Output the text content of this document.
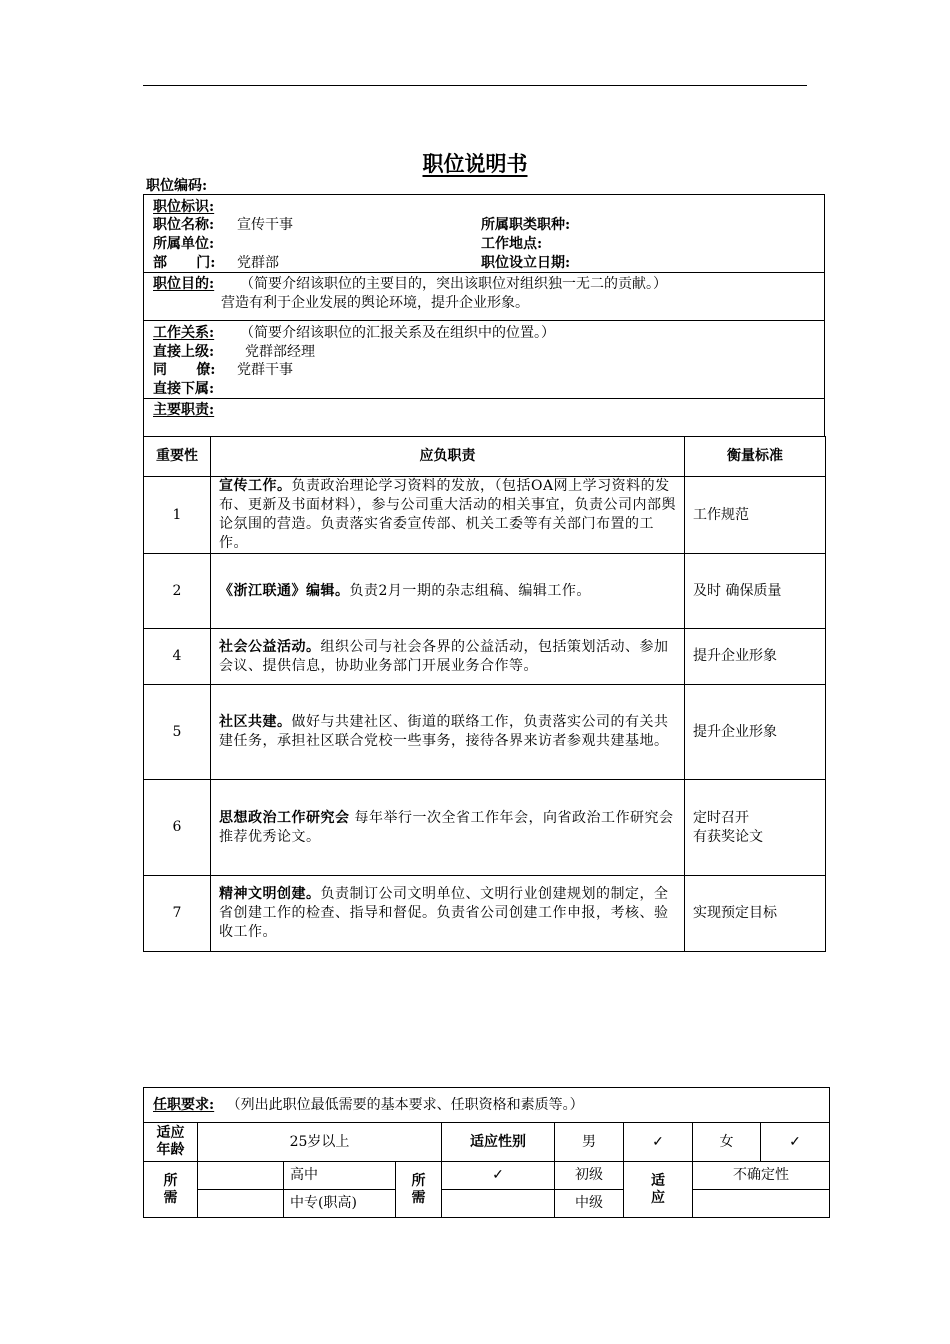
职位说明书
职位编码:
职位标识:
职位名称: 宣传干事	所属职类职种:
所属单位:	工作地点:
部      门: 党群部	职位设立日期:
职位目的: （简要介绍该职位的主要目的，突出该职位对组织独一无二的贡献。）
营造有利于企业发展的舆论环境，提升企业形象。
工作关系: （简要介绍该职位的汇报关系及在组织中的位置。）
直接上级: 党群部经理
同      僚: 党群干事
直接下属:
主要职责:
重要性	应负职责	衡量标准
1	宣传工作。负责政治理论学习资料的发放，（包括OA网上学习资料的发布、更新及书面材料），参与公司重大活动的相关事宜，负责公司内部舆论氛围的营造。负责落实省委宣传部、机关工委等有关部门布置的工作。	工作规范
2	《浙江联通》编辑。负责2月一期的杂志组稿、编辑工作。	及时 确保质量
4	社会公益活动。组织公司与社会各界的公益活动，包括策划活动、参加会议、提供信息，协助业务部门开展业务合作等。	提升企业形象
5	社区共建。做好与共建社区、街道的联络工作，负责落实公司的有关共建任务，承担社区联合党校一些事务，接待各界来访者参观共建基地。	提升企业形象
6	思想政治工作研究会 每年举行一次全省工作年会，向省政治工作研究会推荐优秀论文。	定时召开
有获奖论文
7	精神文明创建。负责制订公司文明单位、文明行业创建规划的制定，全省创建工作的检查、指导和督促。负责省公司创建工作申报，考核、验收工作。	实现预定目标
任职要求: （列出此职位最低需要的基本要求、任职资格和素质等。）								
适应年龄	25岁以上			适应性别	男	✓	女	✓
所需		高中	所需	✓	初级	适应	不确定性	
		中专(职高)			中级			
